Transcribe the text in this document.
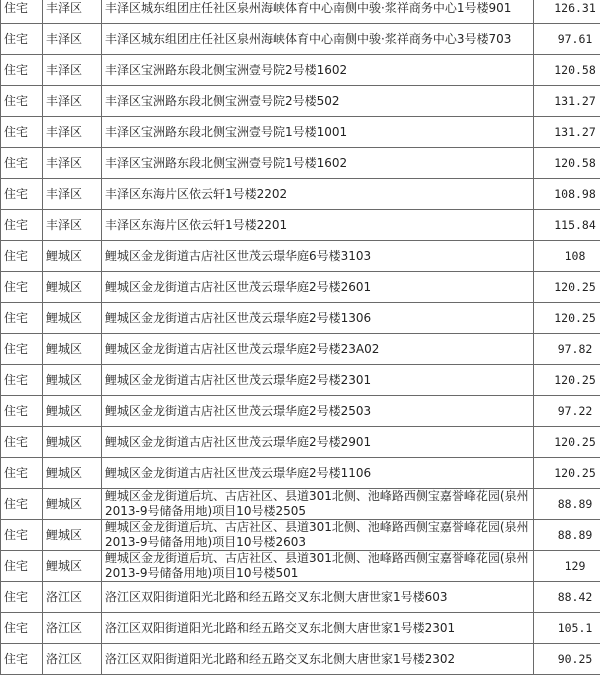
住宅	丰泽区	丰泽区城东组团庄任社区泉州海峡体育中心南侧中骏·浆祥商务中心1号楼901	126.31
住宅	丰泽区	丰泽区城东组团庄任社区泉州海峡体育中心南侧中骏·浆祥商务中心3号楼703	97.61
住宅	丰泽区	丰泽区宝洲路东段北侧宝洲壹号院2号楼1602	120.58
住宅	丰泽区	丰泽区宝洲路东段北侧宝洲壹号院2号楼502	131.27
住宅	丰泽区	丰泽区宝洲路东段北侧宝洲壹号院1号楼1001	131.27
住宅	丰泽区	丰泽区宝洲路东段北侧宝洲壹号院1号楼1602	120.58
住宅	丰泽区	丰泽区东海片区依云轩1号楼2202	108.98
住宅	丰泽区	丰泽区东海片区依云轩1号楼2201	115.84
住宅	鲤城区	鲤城区金龙街道古店社区世茂云璟华庭6号楼3103	108
住宅	鲤城区	鲤城区金龙街道古店社区世茂云璟华庭2号楼2601	120.25
住宅	鲤城区	鲤城区金龙街道古店社区世茂云璟华庭2号楼1306	120.25
住宅	鲤城区	鲤城区金龙街道古店社区世茂云璟华庭2号楼23A02	97.82
住宅	鲤城区	鲤城区金龙街道古店社区世茂云璟华庭2号楼2301	120.25
住宅	鲤城区	鲤城区金龙街道古店社区世茂云璟华庭2号楼2503	97.22
住宅	鲤城区	鲤城区金龙街道古店社区世茂云璟华庭2号楼2901	120.25
住宅	鲤城区	鲤城区金龙街道古店社区世茂云璟华庭2号楼1106	120.25
住宅	鲤城区	鲤城区金龙街道后坑、古店社区、县道301北侧、池峰路西侧宝嘉誉峰花园(泉州2013-9号储备用地)项目10号楼2505	88.89
住宅	鲤城区	鲤城区金龙街道后坑、古店社区、县道301北侧、池峰路西侧宝嘉誉峰花园(泉州2013-9号储备用地)项目10号楼2603	88.89
住宅	鲤城区	鲤城区金龙街道后坑、古店社区、县道301北侧、池峰路西侧宝嘉誉峰花园(泉州2013-9号储备用地)项目10号楼501	129
住宅	洛江区	洛江区双阳街道阳光北路和经五路交叉东北侧大唐世家1号楼603	88.42
住宅	洛江区	洛江区双阳街道阳光北路和经五路交叉东北侧大唐世家1号楼2301	105.1
住宅	洛江区	洛江区双阳街道阳光北路和经五路交叉东北侧大唐世家1号楼2302	90.25
